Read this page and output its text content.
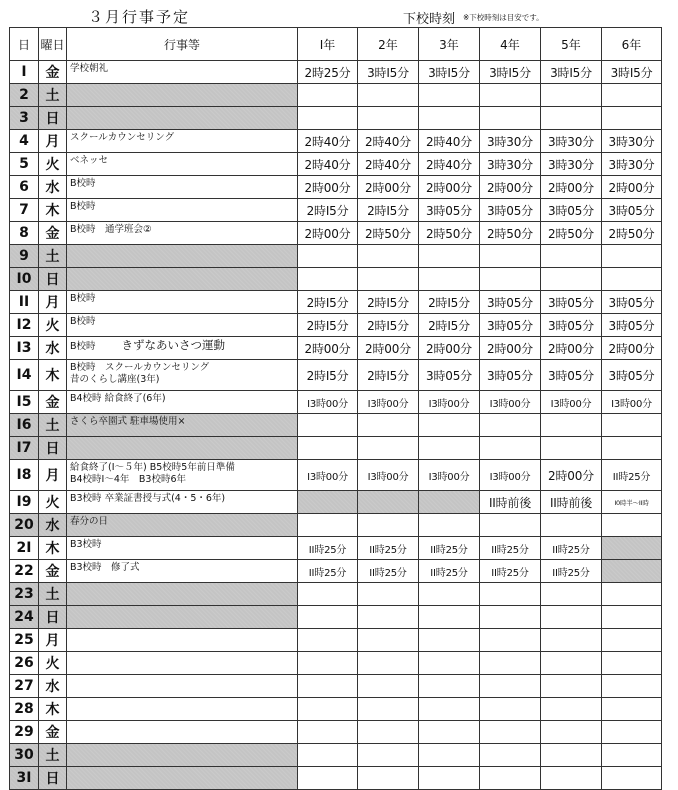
３月行事予定	下校時刻 ※下校時刻は目安です。
日	曜日	行事等	Ⅰ年	2年	3年	4年	5年	6年
Ⅰ	金	学校朝礼	2時25分	3時Ⅰ5分	3時Ⅰ5分	3時Ⅰ5分	3時Ⅰ5分	3時Ⅰ5分
2	土							
3	日							
4	月	スクールカウンセリング	2時40分	2時40分	2時40分	3時30分	3時30分	3時30分
5	火	ベネッセ	2時40分	2時40分	2時40分	3時30分	3時30分	3時30分
6	水	B校時	2時00分	2時00分	2時00分	2時00分	2時00分	2時00分
7	木	B校時	2時Ⅰ5分	2時Ⅰ5分	3時05分	3時05分	3時05分	3時05分
8	金	B校時　通学班会②	2時00分	2時50分	2時50分	2時50分	2時50分	2時50分
9	土							
Ⅰ0	日							
ⅠⅠ	月	B校時	2時Ⅰ5分	2時Ⅰ5分	2時Ⅰ5分	3時05分	3時05分	3時05分
Ⅰ2	火	B校時	2時Ⅰ5分	2時Ⅰ5分	2時Ⅰ5分	3時05分	3時05分	3時05分
Ⅰ3	水	B校時 きずなあいさつ運動	2時00分	2時00分	2時00分	2時00分	2時00分	2時00分
Ⅰ4	木	B校時　スクールカウンセリング
昔のくらし講座(3年)	2時Ⅰ5分	2時Ⅰ5分	3時05分	3時05分	3時05分	3時05分
Ⅰ5	金	B4校時 給食終了(6年)	Ⅰ3時00分	Ⅰ3時00分	Ⅰ3時00分	Ⅰ3時00分	Ⅰ3時00分	Ⅰ3時00分
Ⅰ6	土	さくら卒園式 駐車場使用×						
Ⅰ7	日							
Ⅰ8	月	給食終了(Ⅰ～５年) B5校時5年前日準備
B4校時Ⅰ～4年　B3校時6年	Ⅰ3時00分	Ⅰ3時00分	Ⅰ3時00分	Ⅰ3時00分	2時00分	ⅠⅠ時25分
Ⅰ9	火	B3校時 卒業証書授与式(4・5・6年)				ⅠⅠ時前後	ⅠⅠ時前後	Ⅰ0時半～ⅠⅠ時
20	水	春分の日						
2Ⅰ	木	B3校時	ⅠⅠ時25分	ⅠⅠ時25分	ⅠⅠ時25分	ⅠⅠ時25分	ⅠⅠ時25分	
22	金	B3校時　修了式	ⅠⅠ時25分	ⅠⅠ時25分	ⅠⅠ時25分	ⅠⅠ時25分	ⅠⅠ時25分	
23	土							
24	日							
25	月							
26	火							
27	水							
28	木							
29	金							
30	土							
3Ⅰ	日							
